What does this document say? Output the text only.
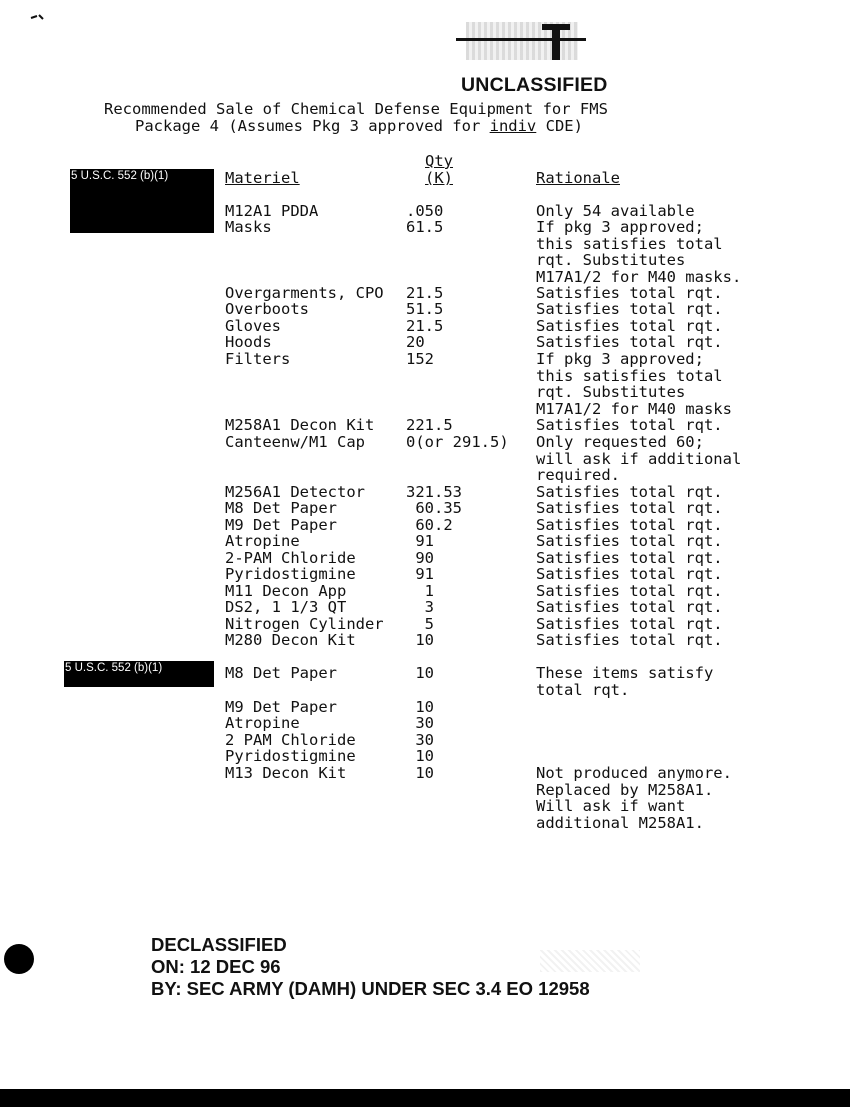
UNCLASSIFIED
Recommended Sale of Chemical Defense Equipment for FMS
Package 4 (Assumes Pkg 3 approved for indiv CDE)
5 U.S.C. 552 (b)(1)
5 U.S.C. 552 (b)(1)
Materiel
Qty
(K)	Rationale
M12A1 PDDA	.050	Only 54 available
Masks	61.5	If pkg 3 approved;
this satisfies total
rqt. Substitutes
M17A1/2 for M40 masks.
Overgarments, CPO 21.5	Satisfies total rqt.
Overboots	51.5	Satisfies total rqt.
Gloves	21.5	Satisfies total rqt.
Hoods	20	Satisfies total rqt.
Filters	152	If pkg 3 approved;
this satisfies total
rqt. Substitutes
M17A1/2 for M40 masks
M258A1 Decon Kit 221.5	Satisfies total rqt.
Canteenw/M1 Cap	0(or 291.5) Only requested 60;
will ask if additional
required.
M256A1 Detector	321.53	Satisfies total rqt.
M8 Det Paper	60.35	Satisfies total rqt.
M9 Det Paper	60.2	Satisfies total rqt.
Atropine	91	Satisfies total rqt.
2-PAM Chloride	90	Satisfies total rqt.
Pyridostigmine	91	Satisfies total rqt.
M11 Decon App	1	Satisfies total rqt.
DS2, 1 1/3 QT	3	Satisfies total rqt.
Nitrogen Cylinder 5	Satisfies total rqt.
M280 Decon Kit	10	Satisfies total rqt.
M8 Det Paper	10	These items satisfy
total rqt.
M9 Det Paper	10
Atropine	30
2 PAM Chloride	30
Pyridostigmine	10
M13 Decon Kit	10	Not produced anymore.
Replaced by M258A1.
Will ask if want
additional M258A1.
DECLASSIFIED
ON: 12 DEC 96
BY: SEC ARMY (DAMH) UNDER SEC 3.4 EO 12958
